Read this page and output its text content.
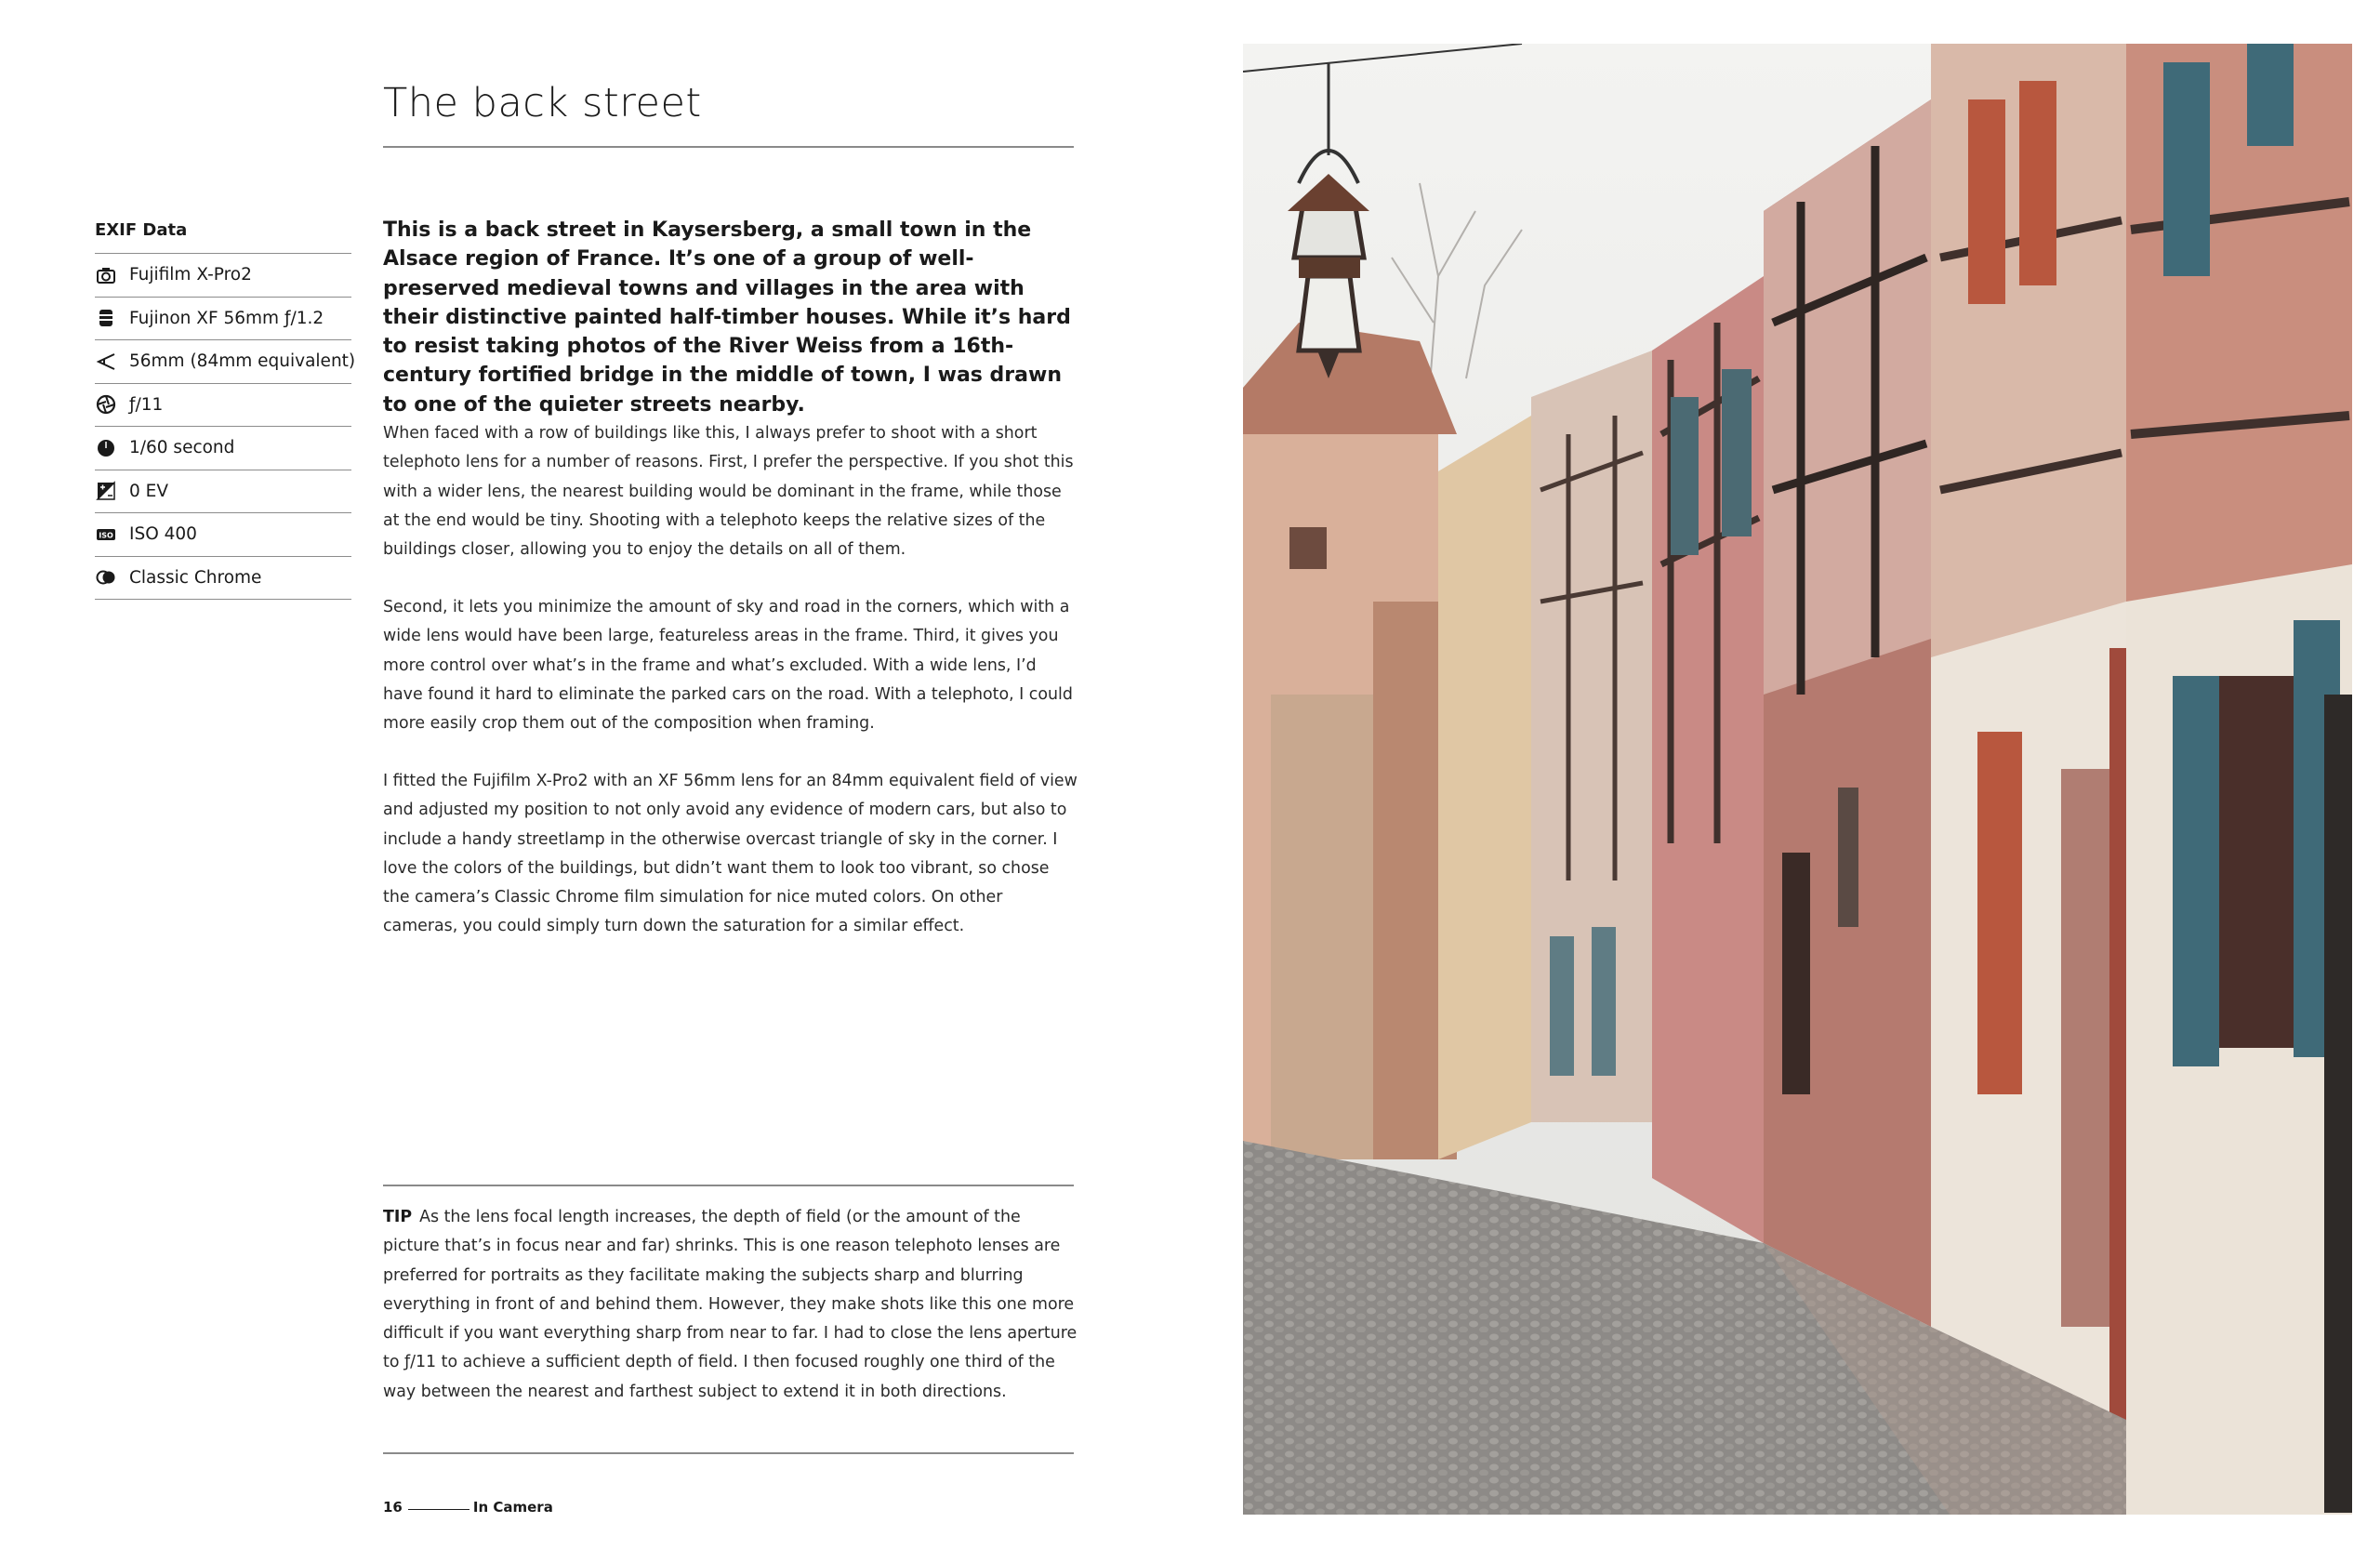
The back street
EXIF Data
Fujifilm X-Pro2
Fujinon XF 56mm ƒ/1.2
56mm (84mm equivalent)
ƒ/11
1/60 second
0 EV
ISO ISO 400
Classic Chrome

This is a back street in Kaysersberg, a small town in the Alsace region of France. It’s one of a group of well-preserved medieval towns and villages in the area with their distinctive painted half-timber houses. While it’s hard to resist taking photos of the River Weiss from a 16th-century fortified bridge in the middle of town, I was drawn to one of the quieter streets nearby.

When faced with a row of buildings like this, I always prefer to shoot with a short telephoto lens for a number of reasons. First, I prefer the perspective. If you shot this with a wider lens, the nearest building would be dominant in the frame, while those at the end would be tiny. Shooting with a telephoto keeps the relative sizes of the buildings closer, allowing you to enjoy the details on all of them.

Second, it lets you minimize the amount of sky and road in the corners, which with a wide lens would have been large, featureless areas in the frame. Third, it gives you more control over what’s in the frame and what’s excluded. With a wide lens, I’d have found it hard to eliminate the parked cars on the road. With a telephoto, I could more easily crop them out of the composition when framing.

I fitted the Fujifilm X-Pro2 with an XF 56mm lens for an 84mm equivalent field of view and adjusted my position to not only avoid any evidence of modern cars, but also to include a handy streetlamp in the otherwise overcast triangle of sky in the corner. I love the colors of the buildings, but didn’t want them to look too vibrant, so chose the camera’s Classic Chrome film simulation for nice muted colors. On other cameras, you could simply turn down the saturation for a similar effect.

TIP As the lens focal length increases, the depth of field (or the amount of the picture that’s in focus near and far) shrinks. This is one reason telephoto lenses are preferred for portraits as they facilitate making the subjects sharp and blurring everything in front of and behind them. However, they make shots like this one more difficult if you want everything sharp from near to far. I had to close the lens aperture to ƒ/11 to achieve a sufficient depth of field. I then focused roughly one third of the way between the nearest and farthest subject to extend it in both directions.

16	In Camera
